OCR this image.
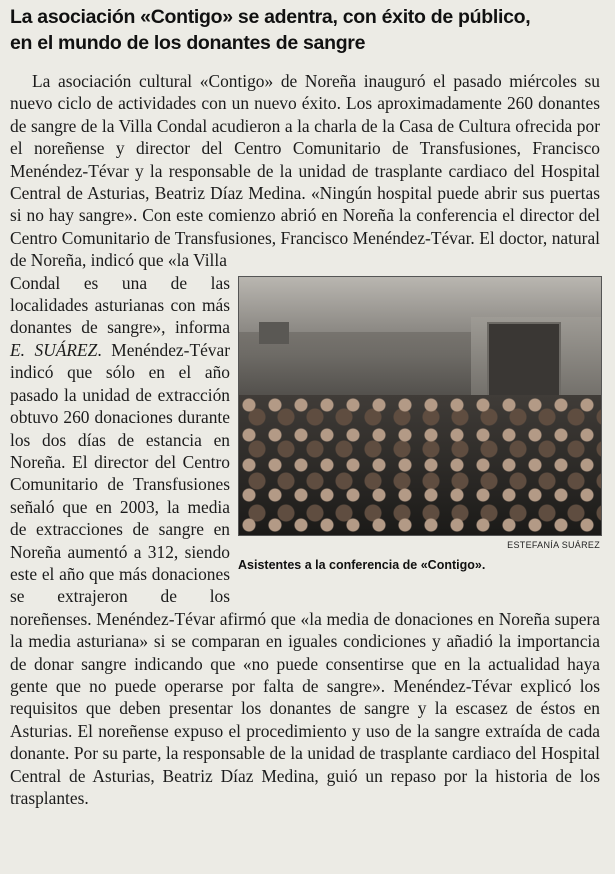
La asociación «Contigo» se adentra, con éxito de público,
en el mundo de los donantes de sangre

La asociación cultural «Contigo» de Noreña inauguró el pasado miércoles su nuevo ciclo de actividades con un nuevo éxito. Los aproximadamente 260 donantes de sangre de la Villa Condal acudieron a la charla de la Casa de Cultura ofrecida por el noreñense y director del Centro Comunitario de Transfusiones, Francisco Menéndez-Tévar y la responsable de la unidad de trasplante cardiaco del Hospital Central de Asturias, Beatriz Díaz Medina. «Ningún hospital puede abrir sus puertas si no hay sangre». Con este comienzo abrió en Noreña la conferencia el director del Centro Comunitario de Transfusiones, Francisco Menéndez-Tévar. El doctor, natural de Noreña, indicó que «la Villa

ESTEFANÍA SUÁREZ
Asistentes a la conferencia de «Contigo».
Condal es una de las localidades asturianas con más donantes de sangre», informa E. SUÁREZ. Menéndez-Tévar indicó que sólo en el año pasado la unidad de extracción obtuvo 260 donaciones durante los dos días de estancia en Noreña. El director del Centro Comunitario de Transfusiones señaló que en 2003, la media de extracciones de sangre en Noreña aumentó a 312, siendo este el año que más donaciones se extrajeron de los noreñenses. Menéndez-Tévar afirmó que «la media de donaciones en Noreña supera la media asturiana» si se comparan en iguales condiciones y añadió la importancia de donar sangre indicando que «no puede consentirse que en la actualidad haya gente que no puede operarse por falta de sangre». Menéndez-Tévar explicó los requisitos que deben presentar los donantes de sangre y la escasez de éstos en Asturias. El noreñense expuso el procedimiento y uso de la sangre extraída de cada donante. Por su parte, la responsable de la unidad de trasplante cardiaco del Hospital Central de Asturias, Beatriz Díaz Medina, guió un repaso por la historia de los trasplantes.
